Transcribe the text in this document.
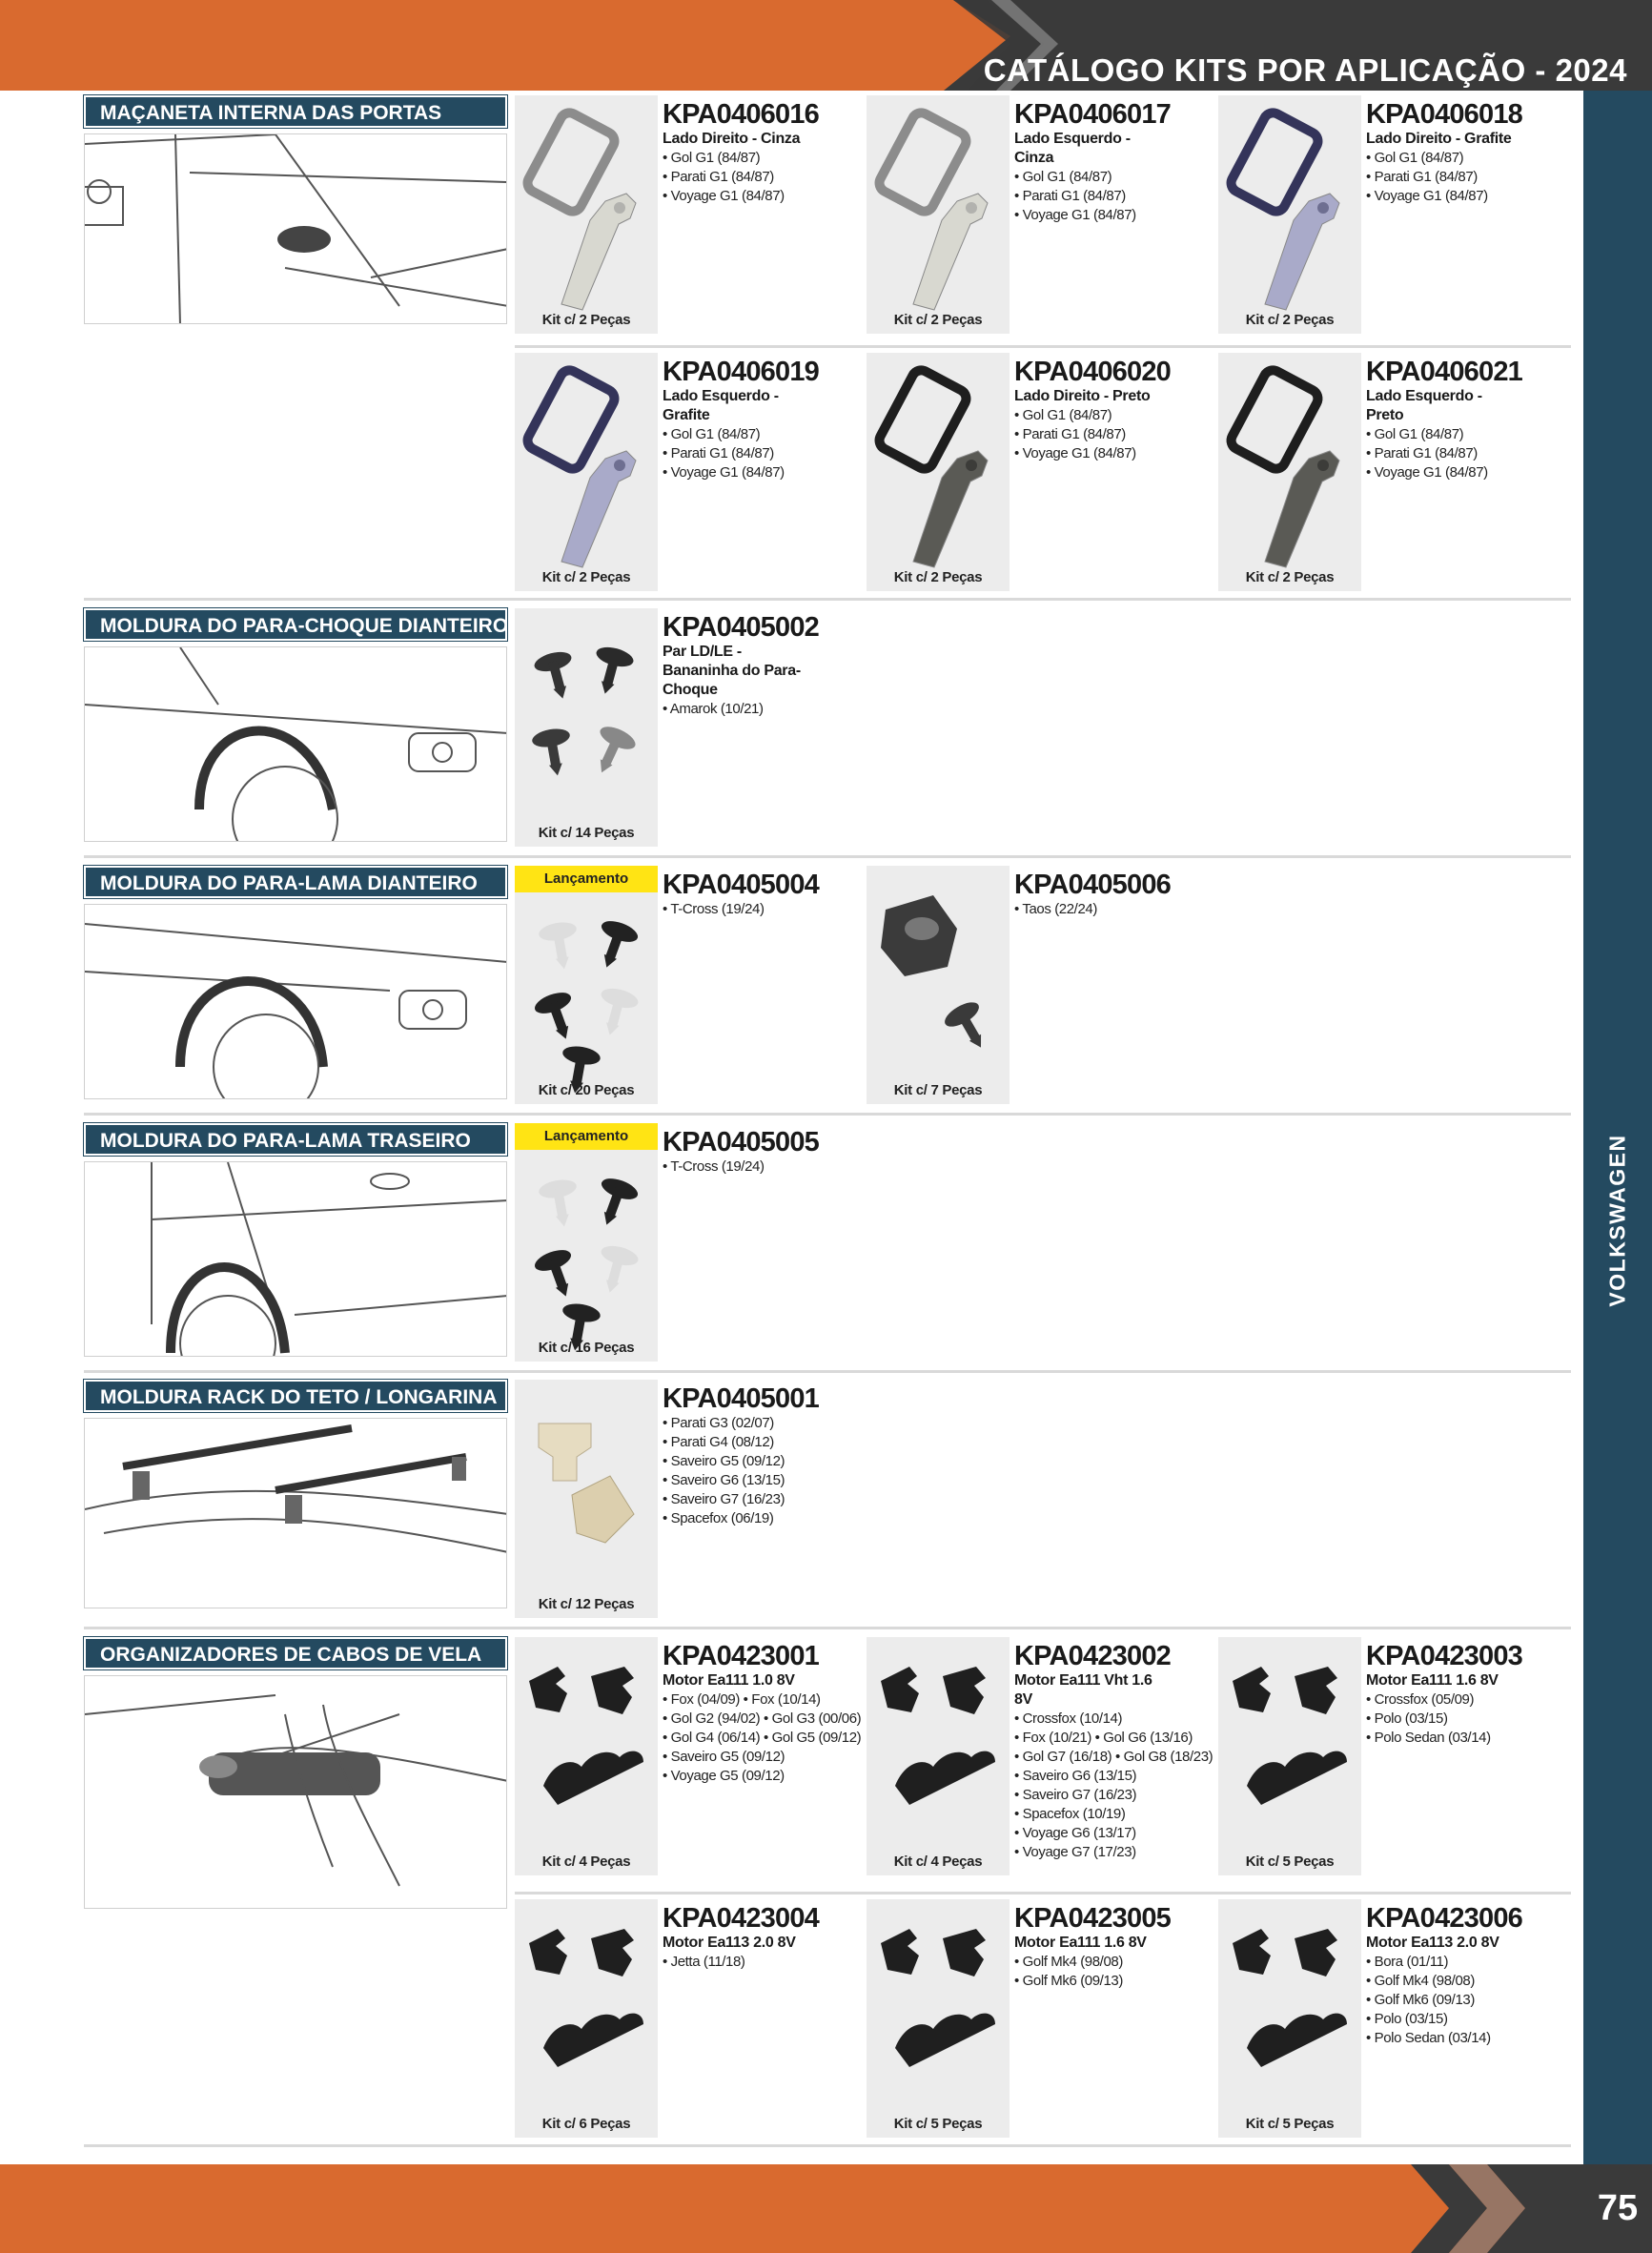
CATÁLOGO KITS POR APLICAÇÃO - 2024
VOLKSWAGEN
75
MAÇANETA INTERNA DAS PORTAS
Kit c/ 2 Peças
KPA0406016
Lado Direito - Cinza
• Gol G1 (84/87)
• Parati G1 (84/87)
• Voyage G1 (84/87)
Kit c/ 2 Peças
KPA0406017
Lado Esquerdo - Cinza
• Gol G1 (84/87)
• Parati G1 (84/87)
• Voyage G1 (84/87)
Kit c/ 2 Peças
KPA0406018
Lado Direito - Grafite
• Gol G1 (84/87)
• Parati G1 (84/87)
• Voyage G1 (84/87)
Kit c/ 2 Peças
KPA0406019
Lado Esquerdo - Grafite
• Gol G1 (84/87)
• Parati G1 (84/87)
• Voyage G1 (84/87)
Kit c/ 2 Peças
KPA0406020
Lado Direito - Preto
• Gol G1 (84/87)
• Parati G1 (84/87)
• Voyage G1 (84/87)
Kit c/ 2 Peças
KPA0406021
Lado Esquerdo - Preto
• Gol G1 (84/87)
• Parati G1 (84/87)
• Voyage G1 (84/87)
MOLDURA DO PARA-CHOQUE DIANTEIRO
Kit c/ 14 Peças
KPA0405002
Par LD/LE - Bananinha do Para-Choque
• Amarok (10/21)
MOLDURA DO PARA-LAMA DIANTEIRO	Lançamento
Kit c/ 20 Peças
KPA0405004
• T-Cross (19/24)
Kit c/ 7 Peças
KPA0405006
• Taos (22/24)
MOLDURA DO PARA-LAMA TRASEIRO	Lançamento
Kit c/ 16 Peças
KPA0405005
• T-Cross (19/24)
MOLDURA RACK DO TETO / LONGARINA
Kit c/ 12 Peças
KPA0405001
• Parati G3 (02/07)
• Parati G4 (08/12)
• Saveiro G5 (09/12)
• Saveiro G6 (13/15)
• Saveiro G7 (16/23)
• Spacefox (06/19)
ORGANIZADORES DE CABOS DE VELA
Kit c/ 4 Peças
KPA0423001
Motor Ea111 1.0 8V
• Fox (04/09) • Fox (10/14)
• Gol G2 (94/02) • Gol G3 (00/06)
• Gol G4 (06/14) • Gol G5 (09/12)
• Saveiro G5 (09/12)
• Voyage G5 (09/12)
Kit c/ 4 Peças
KPA0423002
Motor Ea111 Vht 1.6 8V
• Crossfox (10/14)
• Fox (10/21) • Gol G6 (13/16)
• Gol G7 (16/18) • Gol G8 (18/23)
• Saveiro G6 (13/15)
• Saveiro G7 (16/23)
• Spacefox (10/19)
• Voyage G6 (13/17)
• Voyage G7 (17/23)
Kit c/ 5 Peças
KPA0423003
Motor Ea111 1.6 8V
• Crossfox (05/09)
• Polo (03/15)
• Polo Sedan (03/14)
Kit c/ 6 Peças
KPA0423004
Motor Ea113 2.0 8V
• Jetta (11/18)
Kit c/ 5 Peças
KPA0423005
Motor Ea111 1.6 8V
• Golf Mk4 (98/08)
• Golf Mk6 (09/13)
Kit c/ 5 Peças
KPA0423006
Motor Ea113 2.0 8V
• Bora (01/11)
• Golf Mk4 (98/08)
• Golf Mk6 (09/13)
• Polo (03/15)
• Polo Sedan (03/14)
